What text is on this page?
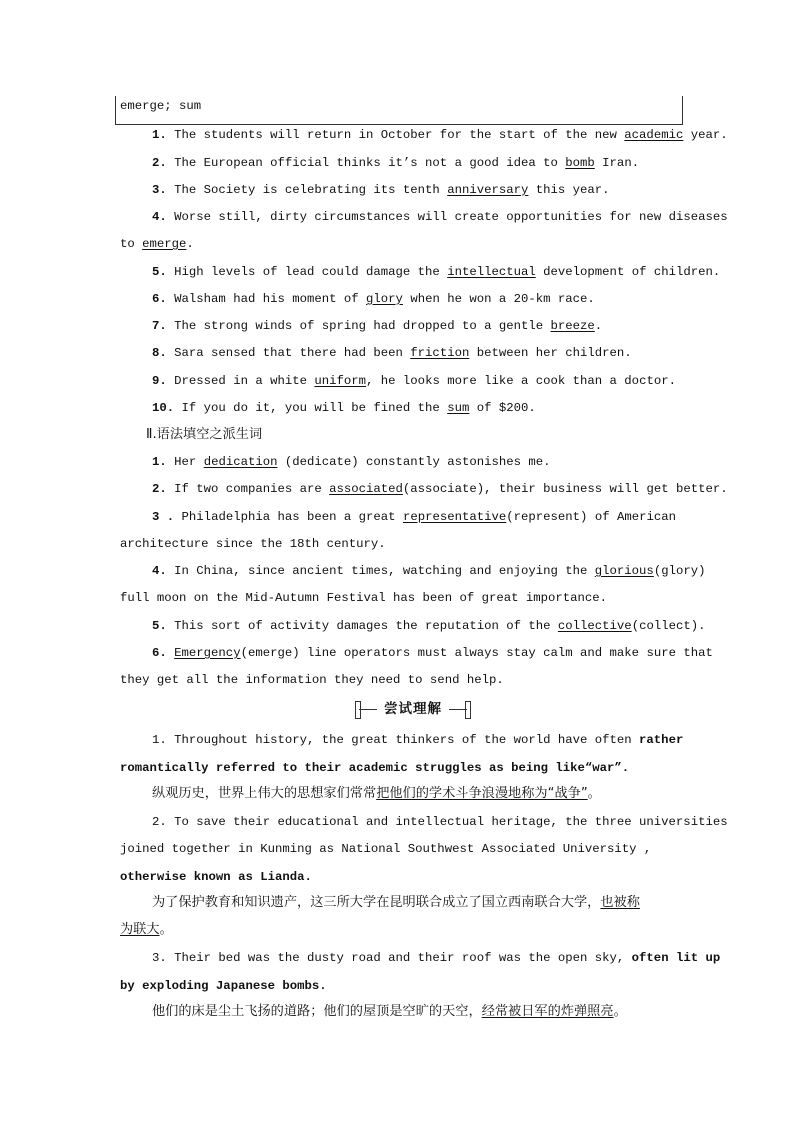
emerge; sum
1. The students will return in October for the start of the new academic year.
2. The European official thinks it’s not a good idea to bomb Iran.
3. The Society is celebrating its tenth anniversary this year.
4. Worse still, dirty circumstances will create opportunities for new diseases
to emerge.
5. High levels of lead could damage the intellectual development of children.
6. Walsham had his moment of glory when he won a 20-km race.
7. The strong winds of spring had dropped to a gentle breeze.
8. Sara sensed that there had been friction between her children.
9. Dressed in a white uniform, he looks more like a cook than a doctor.
10. If you do it, you will be fined the sum of $200.
Ⅱ.语法填空之派生词
1. Her dedication (dedicate) constantly astonishes me.
2. If two companies are associated(associate), their business will get better.
3 . Philadelphia has been a great representative(represent) of American
architecture since the 18th century.
4. In China, since ancient times, watching and enjoying the glorious(glory)
full moon on the Mid-Autumn Festival has been of great importance.
5. This sort of activity damages the reputation of the collective(collect).
6. Emergency(emerge) line operators must always stay calm and make sure that
they get all the information they need to send help.
尝试理解
1. Throughout history, the great thinkers of the world have often rather
romantically referred to their academic struggles as being like“war”.
纵观历史，世界上伟大的思想家们常常把他们的学术斗争浪漫地称为“战争”。
2. To save their educational and intellectual heritage, the three universities
joined together in Kunming as National Southwest Associated University ,
otherwise known as Lianda.
为了保护教育和知识遗产，这三所大学在昆明联合成立了国立西南联合大学，也被称
为联大。
3. Their bed was the dusty road and their roof was the open sky, often lit up
by exploding Japanese bombs.
他们的床是尘土飞扬的道路；他们的屋顶是空旷的天空，经常被日军的炸弹照亮。
